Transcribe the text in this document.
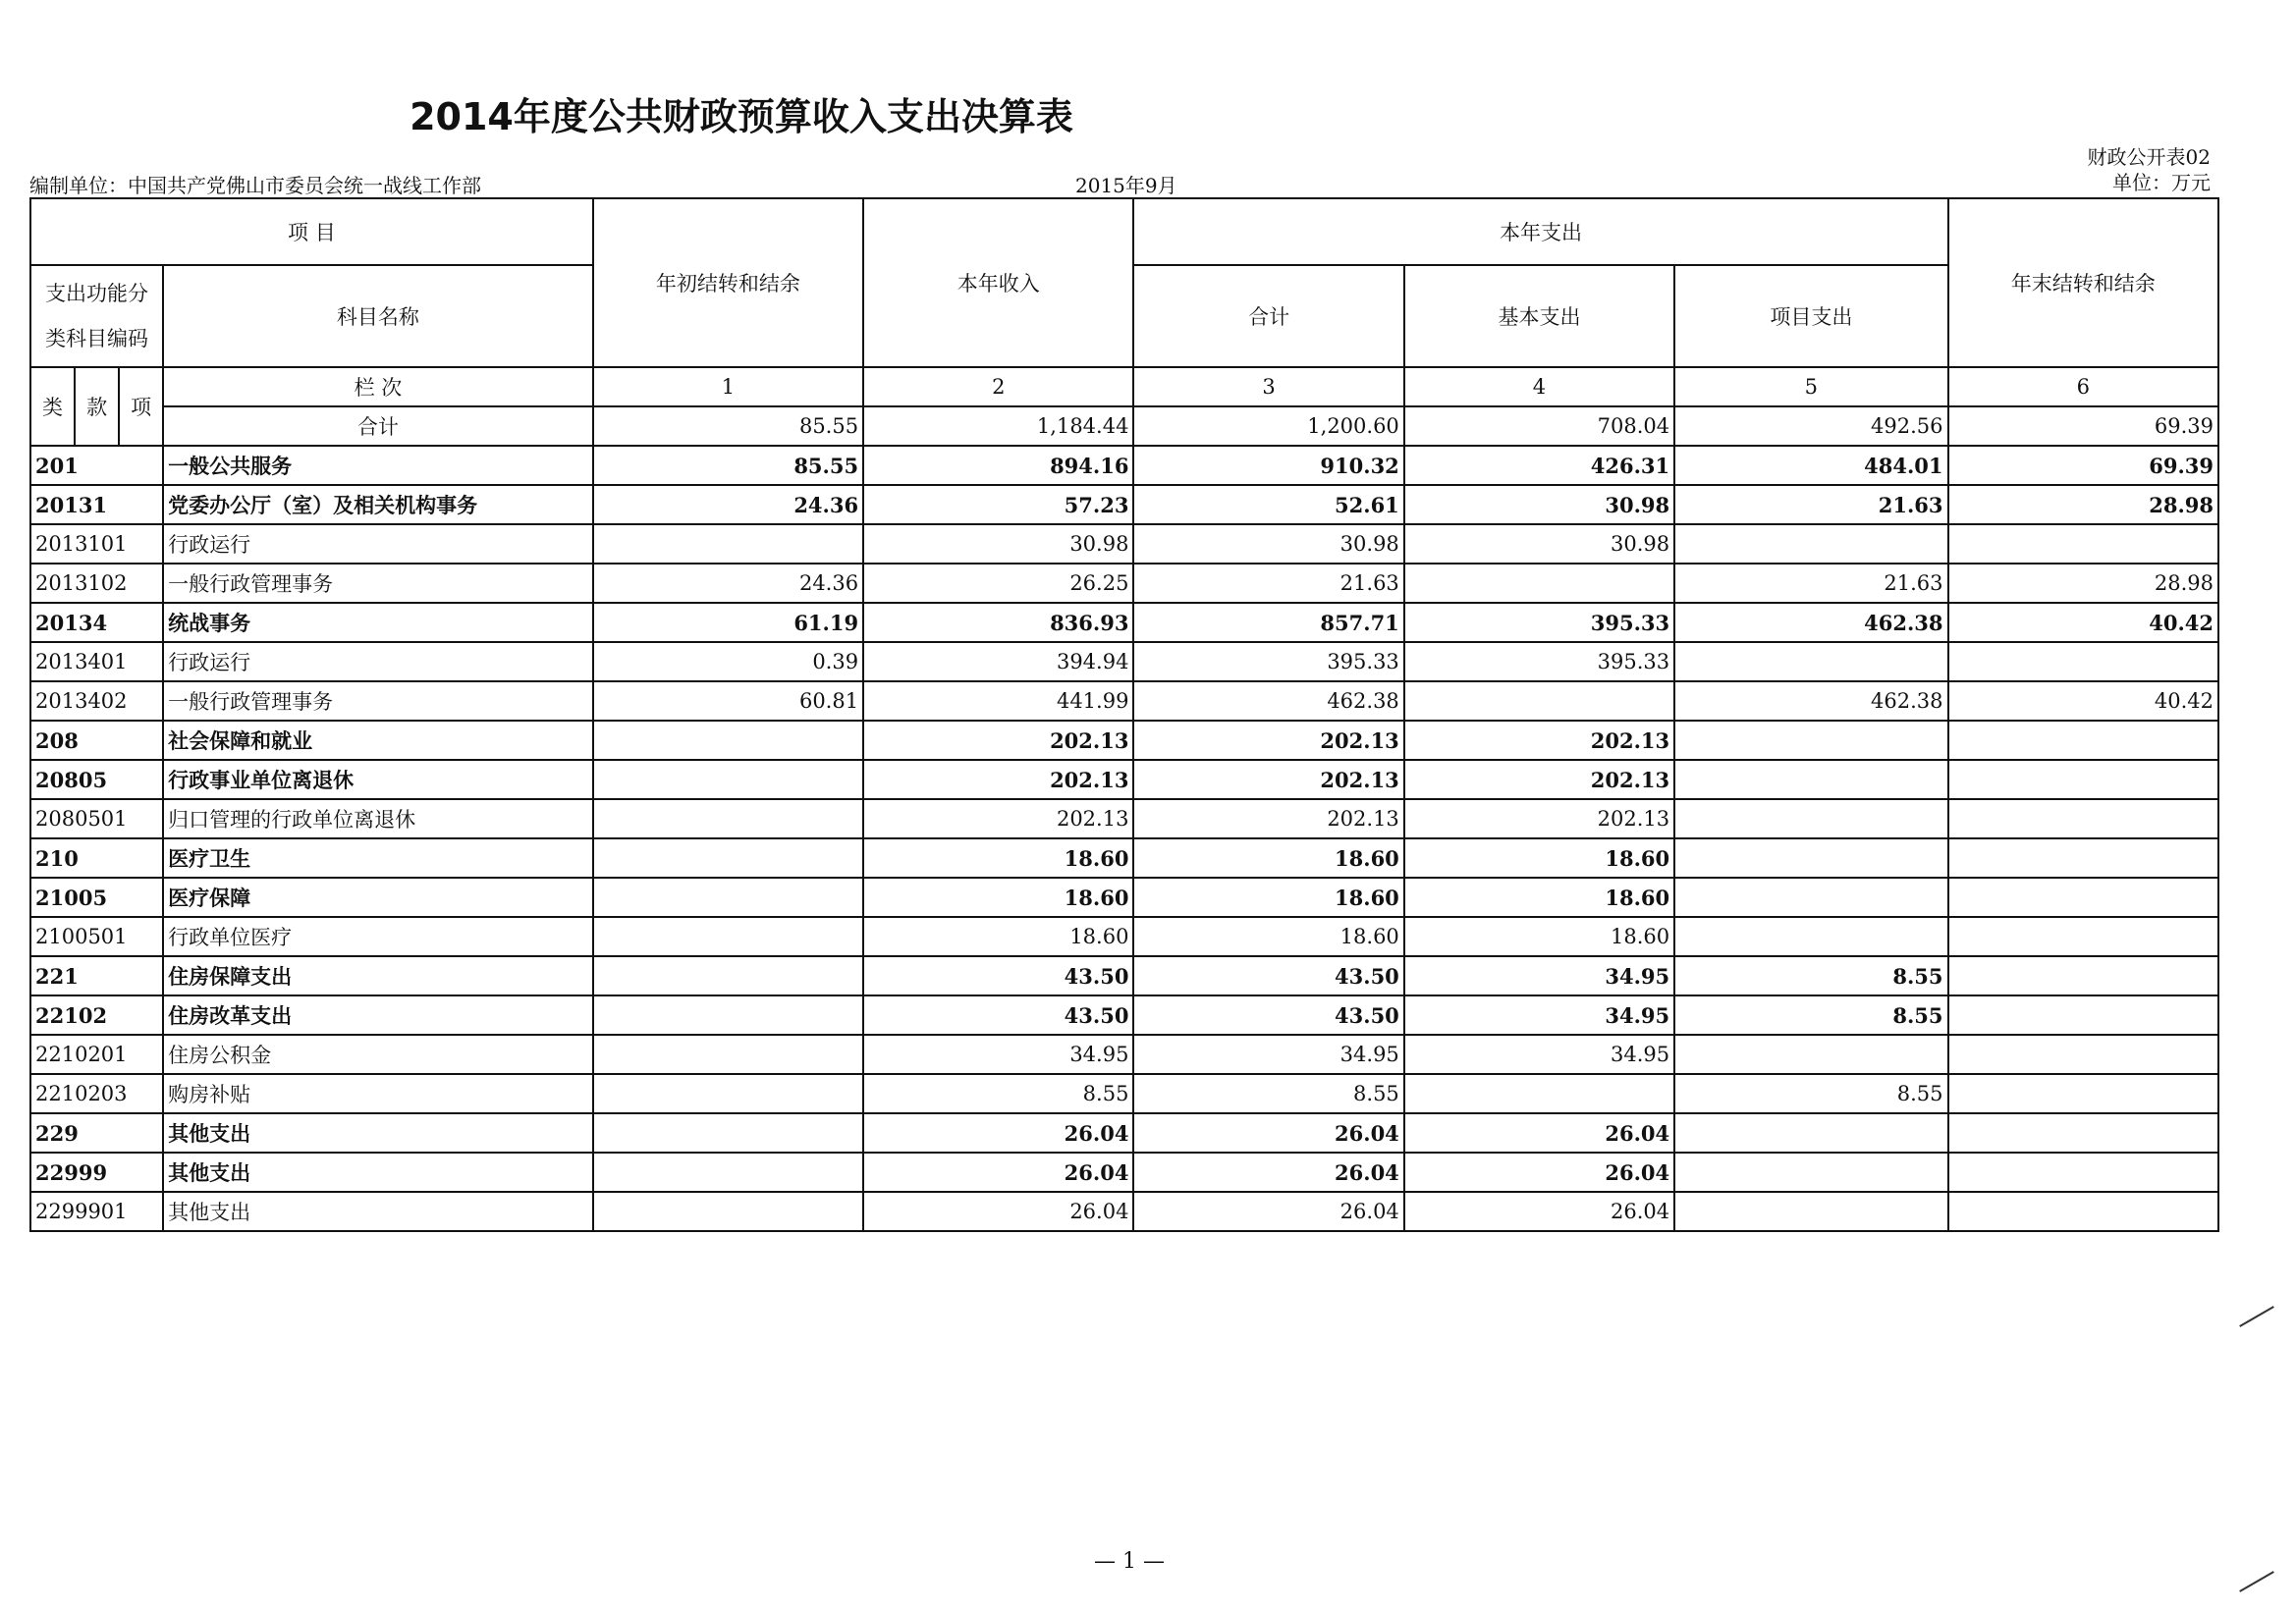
2014年度公共财政预算收入支出决算表
编制单位：中国共产党佛山市委员会统一战线工作部	2015年9月
财政公开表02
单位：万元
项 目				年初结转和结余	本年收入	本年支出			年末结转和结余
支出功能分类科目编码			科目名称			合计	基本支出	项目支出	
类	款	项	栏 次	1	2	3	4	5	6
			合计	85.55	1,184.44	1,200.60	708.04	492.56	69.39
201			一般公共服务	85.55	894.16	910.32	426.31	484.01	69.39
20131			党委办公厅（室）及相关机构事务	24.36	57.23	52.61	30.98	21.63	28.98
2013101			行政运行		30.98	30.98	30.98		
2013102			一般行政管理事务	24.36	26.25	21.63		21.63	28.98
20134			统战事务	61.19	836.93	857.71	395.33	462.38	40.42
2013401			行政运行	0.39	394.94	395.33	395.33		
2013402			一般行政管理事务	60.81	441.99	462.38		462.38	40.42
208			社会保障和就业		202.13	202.13	202.13		
20805			行政事业单位离退休		202.13	202.13	202.13		
2080501			归口管理的行政单位离退休		202.13	202.13	202.13		
210			医疗卫生		18.60	18.60	18.60		
21005			医疗保障		18.60	18.60	18.60		
2100501			行政单位医疗		18.60	18.60	18.60		
221			住房保障支出		43.50	43.50	34.95	8.55	
22102			住房改革支出		43.50	43.50	34.95	8.55	
2210201			住房公积金		34.95	34.95	34.95		
2210203			购房补贴		8.55	8.55		8.55	
229			其他支出		26.04	26.04	26.04		
22999			其他支出		26.04	26.04	26.04		
2299901			其他支出		26.04	26.04	26.04		
— 1 —
